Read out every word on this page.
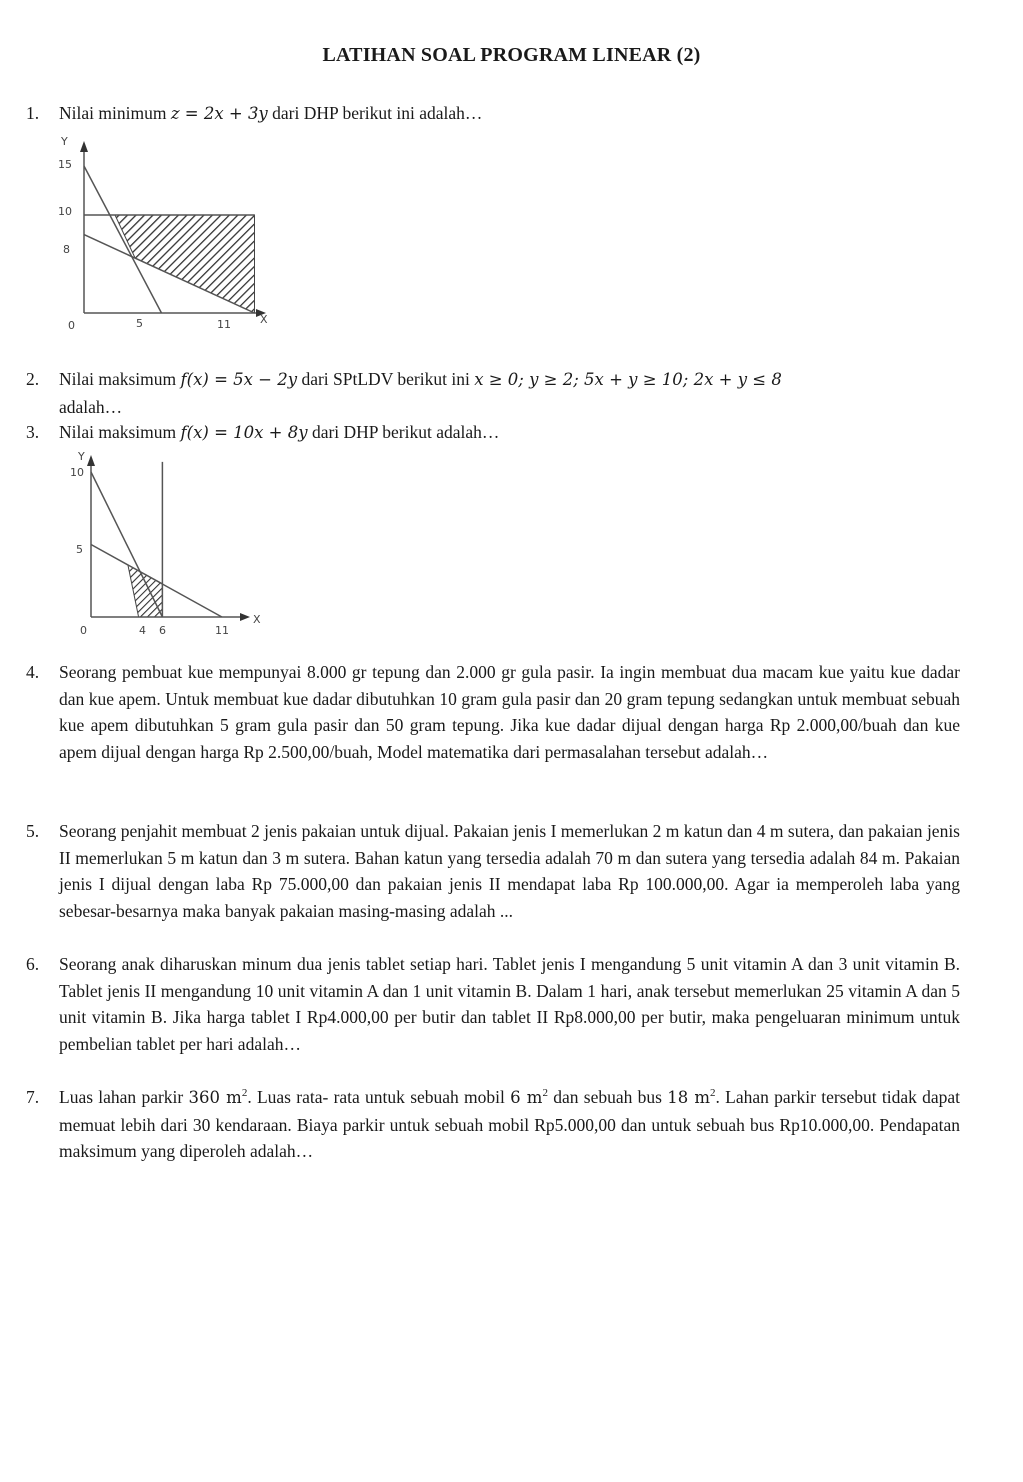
LATIHAN SOAL PROGRAM LINEAR (2)
1.	Nilai minimum z = 2x + 3y dari DHP berikut ini adalah…
Y
X
15
10
8
0	5	11
2.	Nilai maksimum f(x) = 5x − 2y dari SPtLDV berikut ini x ≥ 0; y ≥ 2; 5x + y ≥ 10; 2x + y ≤ 8
adalah…
3.	Nilai maksimum f(x) = 10x + 8y dari DHP berikut adalah…
Y
X
10
5
0	4 6	11
4.	Seorang pembuat kue mempunyai 8.000 gr tepung dan 2.000 gr gula pasir. Ia ingin membuat dua macam kue yaitu kue dadar dan kue apem. Untuk membuat kue dadar dibutuhkan 10 gram gula pasir dan 20 gram tepung sedangkan untuk membuat sebuah kue apem dibutuhkan 5 gram gula pasir dan 50 gram tepung. Jika kue dadar dijual dengan harga Rp 2.000,00/buah dan kue apem dijual dengan harga Rp 2.500,00/buah, Model matematika dari permasalahan tersebut adalah…
5.	Seorang penjahit membuat 2 jenis pakaian untuk dijual. Pakaian jenis I memerlukan 2 m katun dan 4 m sutera, dan pakaian jenis II memerlukan 5 m katun dan 3 m sutera. Bahan katun yang tersedia adalah 70 m dan sutera yang tersedia adalah 84 m. Pakaian jenis I dijual dengan laba Rp 75.000,00 dan pakaian jenis II mendapat laba Rp 100.000,00. Agar ia memperoleh laba yang sebesar-besarnya maka banyak pakaian masing-masing adalah ...
6.	Seorang anak diharuskan minum dua jenis tablet setiap hari. Tablet jenis I mengandung 5 unit vitamin A dan 3 unit vitamin B. Tablet jenis II mengandung 10 unit vitamin A dan 1 unit vitamin B. Dalam 1 hari, anak tersebut memerlukan 25 vitamin A dan 5 unit vitamin B. Jika harga tablet I Rp4.000,00 per butir dan tablet II Rp8.000,00 per butir, maka pengeluaran minimum untuk pembelian tablet per hari adalah…
7.	Luas lahan parkir 360 $m^2$. Luas rata- rata untuk sebuah mobil 6 $m^2$ dan sebuah bus 18 $m^2$. Lahan parkir tersebut tidak dapat memuat lebih dari 30 kendaraan. Biaya parkir untuk sebuah mobil Rp5.000,00 dan untuk sebuah bus Rp10.000,00. Pendapatan maksimum yang diperoleh adalah…
